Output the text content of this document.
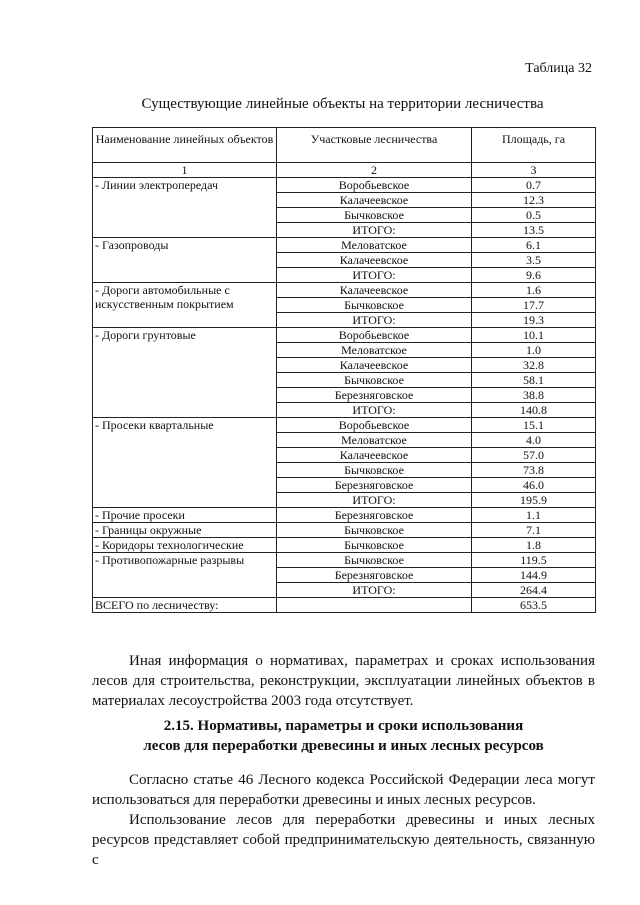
Таблица 32
Существующие линейные объекты на территории лесничества
Наименование линейных объектов	Участковые лесничества	Площадь, га
1	2	3
- Линии электропередач	Воробьевское	0.7
	Калачеевское	12.3
	Бычковское	0.5
	ИТОГО:	13.5
- Газопроводы	Меловатское	6.1
	Калачеевское	3.5
	ИТОГО:	9.6
- Дороги автомобильные с искусственным покрытием	Калачеевское	1.6
	Бычковское	17.7
	ИТОГО:	19.3
- Дороги грунтовые	Воробьевское	10.1
	Меловатское	1.0
	Калачеевское	32.8
	Бычковское	58.1
	Березняговское	38.8
	ИТОГО:	140.8
- Просеки квартальные	Воробьевское	15.1
	Меловатское	4.0
	Калачеевское	57.0
	Бычковское	73.8
	Березняговское	46.0
	ИТОГО:	195.9
- Прочие просеки	Березняговское	1.1
- Границы окружные	Бычковское	7.1
- Коридоры технологические	Бычковское	1.8
- Противопожарные разрывы	Бычковское	119.5
	Березняговское	144.9
	ИТОГО:	264.4
ВСЕГО по лесничеству:		653.5
Иная информация о нормативах, параметрах и сроках использования лесов для строительства, реконструкции, эксплуатации линейных объектов в материалах лесоустройства 2003 года отсутствует.
2.15. Нормативы, параметры и сроки использования
лесов для переработки древесины и иных лесных ресурсов
Согласно статье 46 Лесного кодекса Российской Федерации леса могут использоваться для переработки древесины и иных лесных ресурсов.
Использование лесов для переработки древесины и иных лесных ресурсов представляет собой предпринимательскую деятельность, связанную с
